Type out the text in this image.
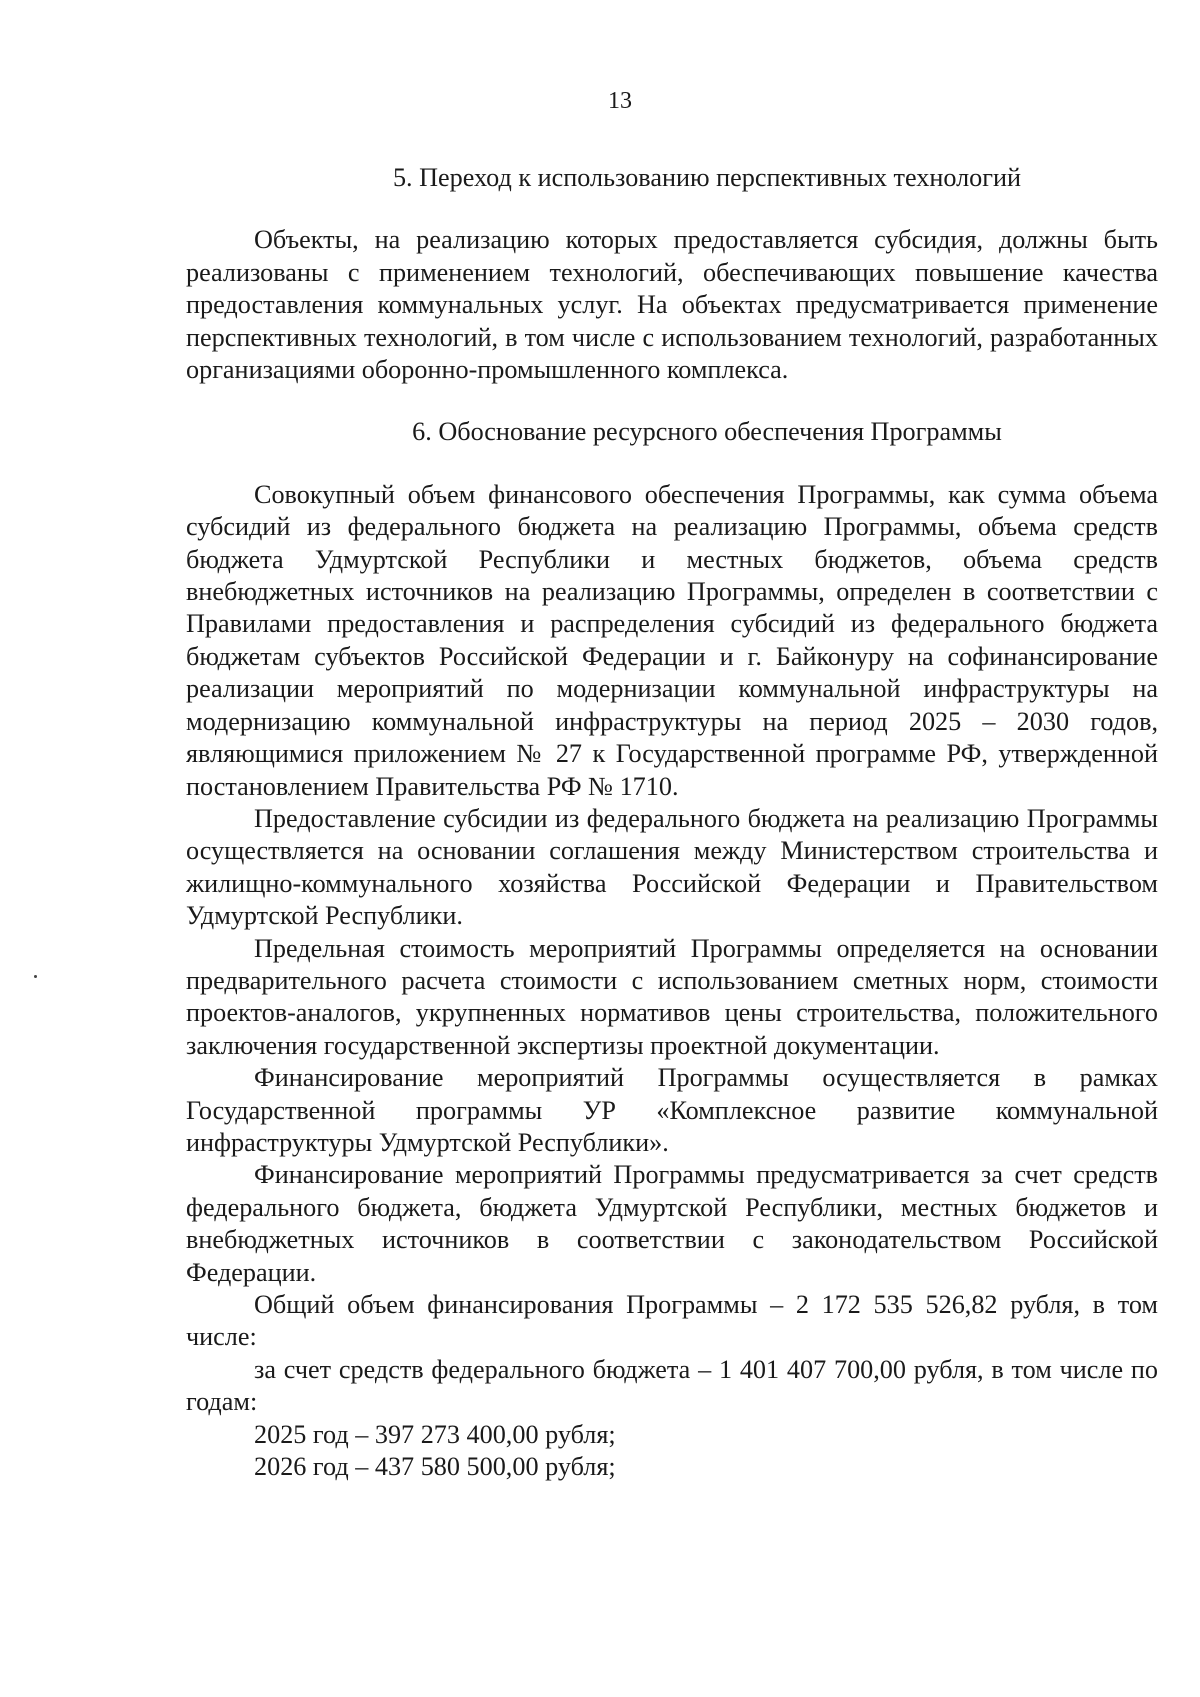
13
5. Переход к использованию перспективных технологий

Объекты, на реализацию которых предоставляется субсидия, должны быть реализованы с применением технологий, обеспечивающих повышение качества предоставления коммунальных услуг. На объектах предусматривается применение перспективных технологий, в том числе с использованием технологий, разработанных организациями оборонно-промышленного комплекса.

6. Обоснование ресурсного обеспечения Программы

Совокупный объем финансового обеспечения Программы, как сумма объема субсидий из федерального бюджета на реализацию Программы, объема средств бюджета Удмуртской Республики и местных бюджетов, объема средств внебюджетных источников на реализацию Программы, определен в соответствии с Правилами предоставления и распределения субсидий из федерального бюджета бюджетам субъектов Российской Федерации и г. Байконуру на софинансирование реализации мероприятий по модернизации коммунальной инфраструктуры на модернизацию коммунальной инфраструктуры на период 2025 – 2030 годов, являющимися приложением № 27 к Государственной программе РФ, утвержденной постановлением Правительства РФ № 1710.

Предоставление субсидии из федерального бюджета на реализацию Программы осуществляется на основании соглашения между Министерством строительства и жилищно-коммунального хозяйства Российской Федерации и Правительством Удмуртской Республики.

Предельная стоимость мероприятий Программы определяется на основании предварительного расчета стоимости с использованием сметных норм, стоимости проектов-аналогов, укрупненных нормативов цены строительства, положительного заключения государственной экспертизы проектной документации.

Финансирование мероприятий Программы осуществляется в рамках Государственной программы УР «Комплексное развитие коммунальной инфраструктуры Удмуртской Республики».

Финансирование мероприятий Программы предусматривается за счет средств федерального бюджета, бюджета Удмуртской Республики, местных бюджетов и внебюджетных источников в соответствии с законодательством Российской Федерации.

Общий объем финансирования Программы – 2 172 535 526,82 рубля, в том числе:

за счет средств федерального бюджета – 1 401 407 700,00 рубля, в том числе по годам:

2025 год – 397 273 400,00 рубля;

2026 год – 437 580 500,00 рубля;
